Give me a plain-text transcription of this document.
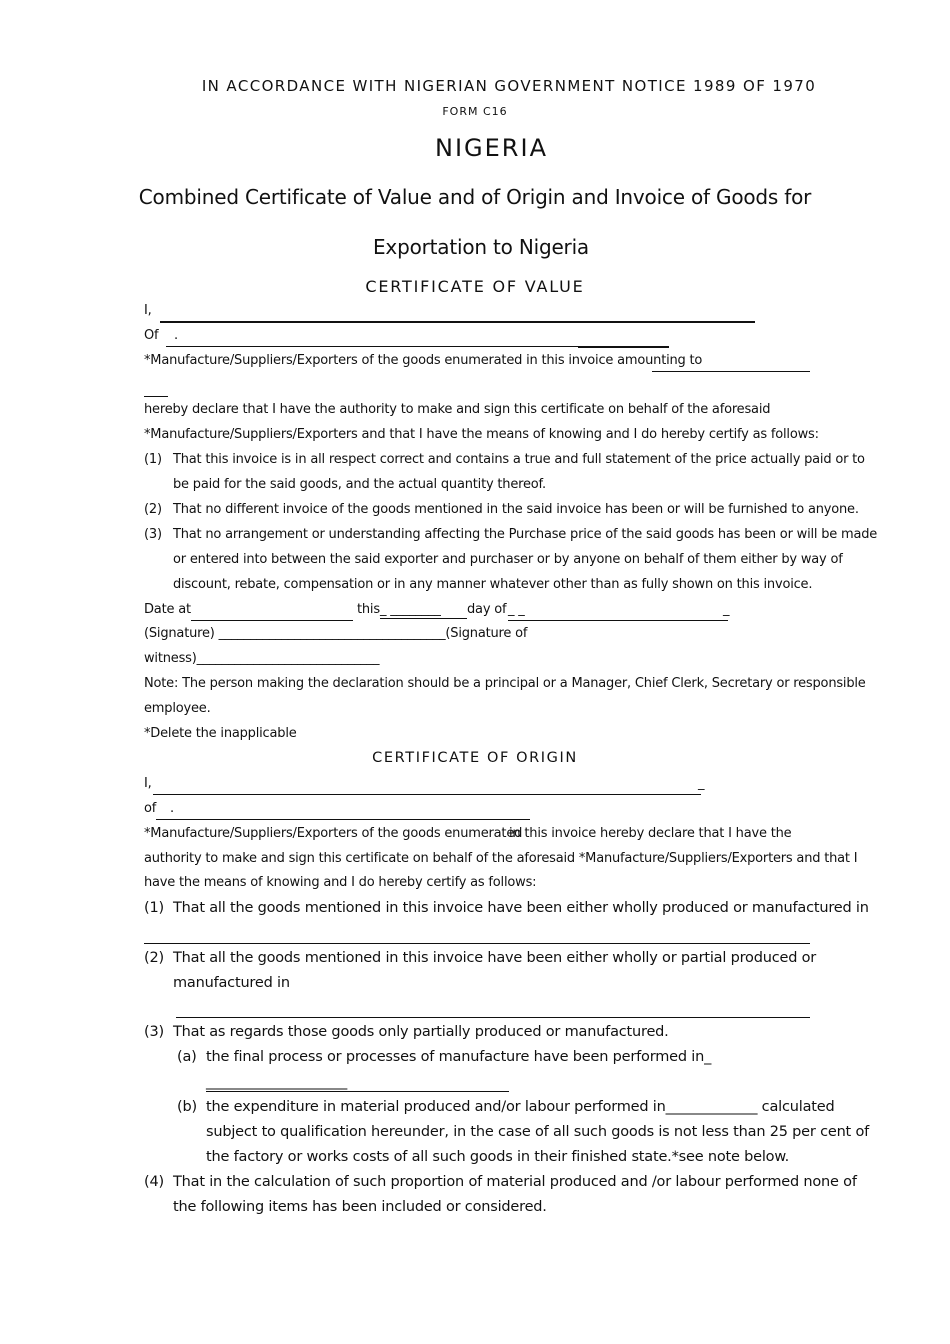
IN ACCORDANCE WITH NIGERIAN GOVERNMENT NOTICE 1989 OF 1970
FORM C16
NIGERIA
Combined Certificate of Value and of Origin and Invoice of Goods for
Exportation to Nigeria
CERTIFICATE OF VALUE
I,
Of .
*Manufacture/Suppliers/Exporters of the goods enumerated in this invoice amounting to
hereby declare that I have the authority to make and sign this certificate on behalf of the aforesaid
*Manufacture/Suppliers/Exporters and that I have the means of knowing and I do hereby certify as follows:
(1) That this invoice is in all respect correct and contains a true and full statement of the price actually paid or to
be paid for the said goods, and the actual quantity thereof.
(2) That no different invoice of the goods mentioned in the said invoice has been or will be furnished to anyone.
(3) That no arrangement or understanding affecting the Purchase price of the said goods has been or will be made
or entered into between the said exporter and purchaser or by anyone on behalf of them either by way of
discount, rebate, compensation or in any manner whatever other than as fully shown on this invoice.
Date at	this _ ________ day of _ _	_
(Signature) ____________________________________(Signature of
witness)_____________________________
Note: The person making the declaration should be a principal or a Manager, Chief Clerk, Secretary or responsible
employee.
*Delete the inapplicable
CERTIFICATE OF ORIGIN
I,	_
of .
*Manufacture/Suppliers/Exporters of the goods enumerated
in this invoice hereby declare that I have the
authority to make and sign this certificate on behalf of the aforesaid *Manufacture/Suppliers/Exporters and that I
have the means of knowing and I do hereby certify as follows:
(1) That all the goods mentioned in this invoice have been either wholly produced or manufactured in
(2) That all the goods mentioned in this invoice have been either wholly or partial produced or
manufactured in
(3) That as regards those goods only partially produced or manufactured.
(a) the final process or processes of manufacture have been performed in_
____________________
(b) the expenditure in material produced and/or labour performed in_____________ calculated
subject to qualification hereunder, in the case of all such goods is not less than 25 per cent of
the factory or works costs of all such goods in their finished state.*see note below.
(4) That in the calculation of such proportion of material produced and /or labour performed none of
the following items has been included or considered.
